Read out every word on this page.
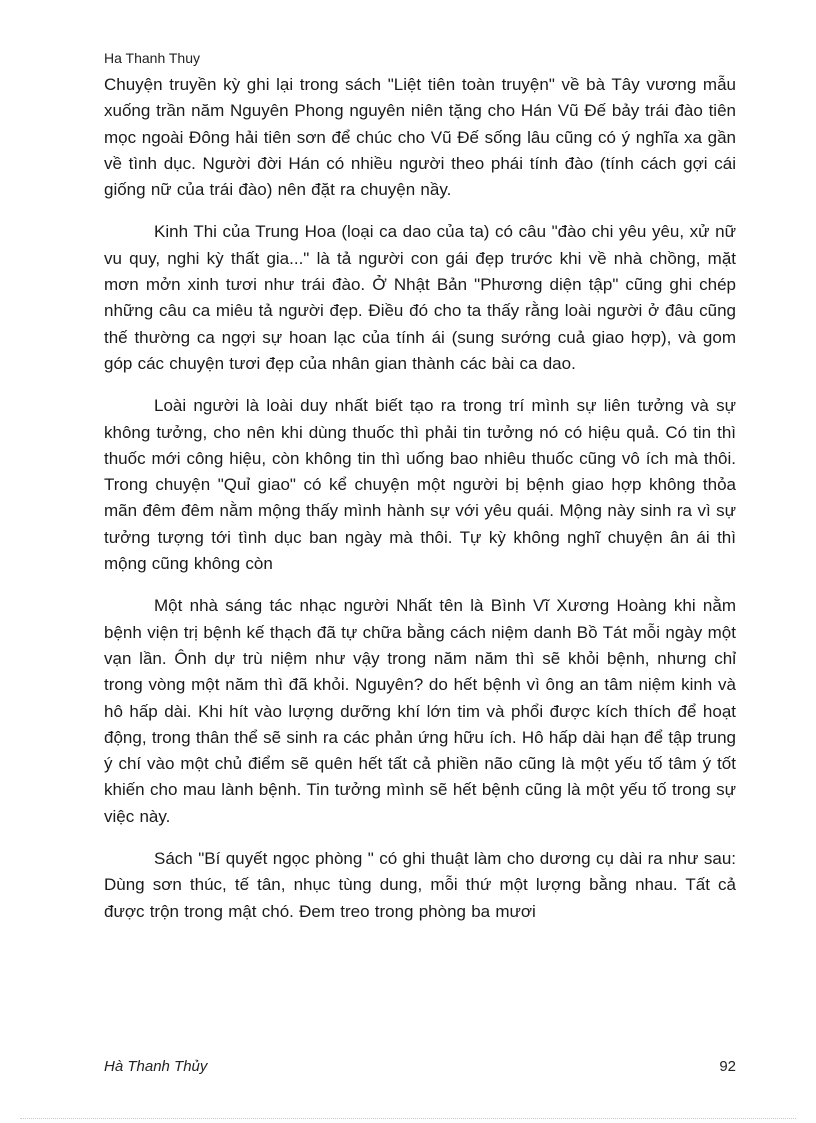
Ha Thanh Thuy

Chuyện truyền kỳ ghi lại trong sách "Liệt tiên toàn truyện" về bà Tây vương mẫu xuống trần năm Nguyên Phong nguyên niên tặng cho Hán Vũ Đế bảy trái đào tiên mọc ngoài Đông hải tiên sơn để chúc cho Vũ Đế sống lâu cũng có ý nghĩa xa gần về tình dục. Người đời Hán có nhiều người theo phái tính đào (tính cách gợi cái giống nữ của trái đào) nên đặt ra chuyện nầy.

Kinh Thi của Trung Hoa (loại ca dao của ta) có câu "đào chi yêu yêu, xử nữ vu quy, nghi kỳ thất gia..." là tả người con gái đẹp trước khi về nhà chồng, mặt mơn mởn xinh tươi như trái đào. Ở Nhật Bản "Phương diện tập" cũng ghi chép những câu ca miêu tả người đẹp. Điều đó cho ta thấy rằng loài người ở đâu cũng thế thường ca ngợi sự hoan lạc của tính ái (sung sướng cuả giao hợp), và gom góp các chuyện tươi đẹp của nhân gian thành các bài ca dao.

Loài người là loài duy nhất biết tạo ra trong trí mình sự liên tưởng và sự không tưởng, cho nên khi dùng thuốc thì phải tin tưởng nó có hiệu quả. Có tin thì thuốc mới công hiệu, còn không tin thì uống bao nhiêu thuốc cũng vô ích mà thôi. Trong chuyện "Quỉ giao" có kể chuyện một người bị bệnh giao hợp không thỏa mãn đêm đêm nằm mộng thấy mình hành sự với yêu quái. Mộng này sinh ra vì sự tưởng tượng tới tình dục ban ngày mà thôi. Tự kỳ không nghĩ chuyện ân ái thì mộng cũng không còn

Một nhà sáng tác nhạc người Nhất tên là Bình Vĩ Xương Hoàng khi nằm bệnh viện trị bệnh kế thạch đã tự chữa bằng cách niệm danh Bồ Tát mỗi ngày một vạn lần. Ônh dự trù niệm như vậy trong năm năm thì sẽ khỏi bệnh, nhưng chỉ trong vòng một năm thì đã khỏi. Nguyên? do hết bệnh vì ông an tâm niệm kinh và hô hấp dài. Khi hít vào lượng dưỡng khí lớn tim và phổi được kích thích để hoạt động, trong thân thể sẽ sinh ra các phản ứng hữu ích. Hô hấp dài hạn để tập trung ý chí vào một chủ điểm sẽ quên hết tất cả phiền não cũng là một yếu tố tâm ý tốt khiến cho mau lành bệnh. Tin tưởng mình sẽ hết bệnh cũng là một yếu tố trong sự việc này.

Sách "Bí quyết ngọc phòng " có ghi thuật làm cho dương cụ dài ra như sau: Dùng sơn thúc, tế tân, nhục tùng dung, mỗi thứ một lượng bằng nhau. Tất cả được trộn trong mật chó. Đem treo trong phòng ba mươi

Hà Thanh Thủy	92
